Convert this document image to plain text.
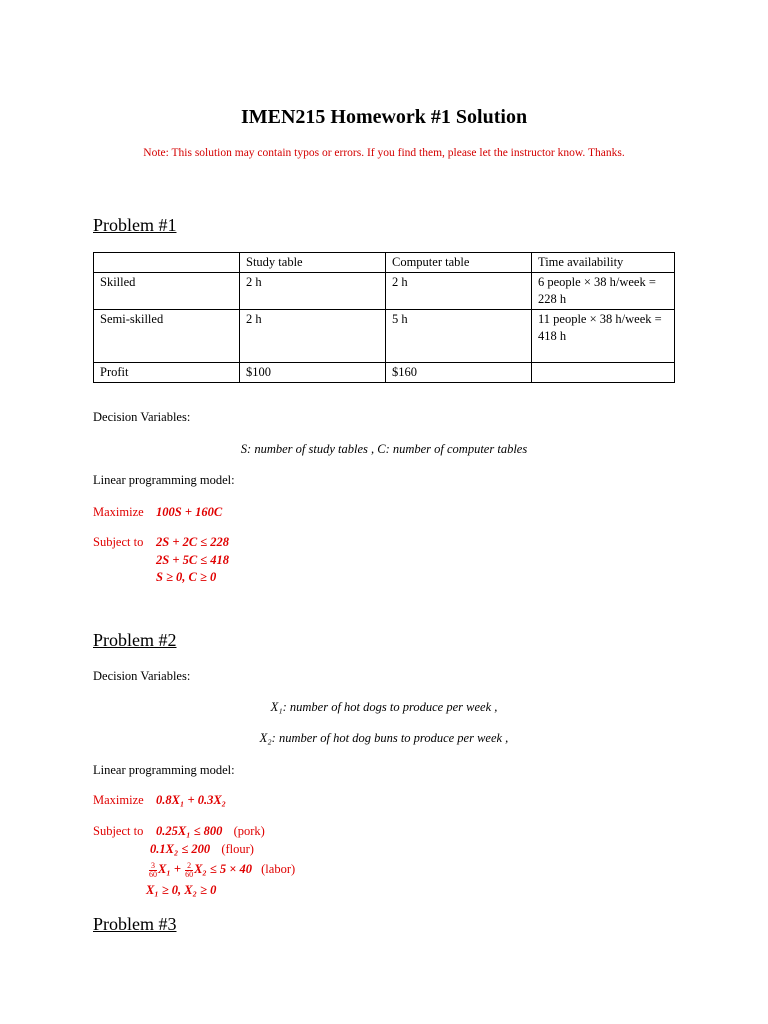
IMEN215 Homework #1 Solution
Note: This solution may contain typos or errors. If you find them, please let the instructor know. Thanks.
Problem #1
	Study table	Computer table	Time availability
Skilled	2 h	2 h	6 people × 38 h/week = 228 h
Semi-skilled	2 h	5 h	11 people × 38 h/week = 418 h
Profit	$100	$160	
Decision Variables:
S: number of study tables , C: number of computer tables
Linear programming model:
Maximize 100S + 160C
Subject to 2S + 2C ≤ 228
2S + 5C ≤ 418
S ≥ 0, C ≥ 0
Problem #2
Decision Variables:
X₁: number of hot dogs to produce per week ,
X₂: number of hot dog buns to produce per week ,
Linear programming model:
Maximize 0.8X₁ + 0.3X₂
Subject to 0.25X₁ ≤ 800 (pork)
0.1X₂ ≤ 200 (flour)
$\frac{3}{60} X_1 + \frac{2}{60} X_2 \le 5 \times 40$ (labor)
X₁ ≥ 0, X₂ ≥ 0
Problem #3
